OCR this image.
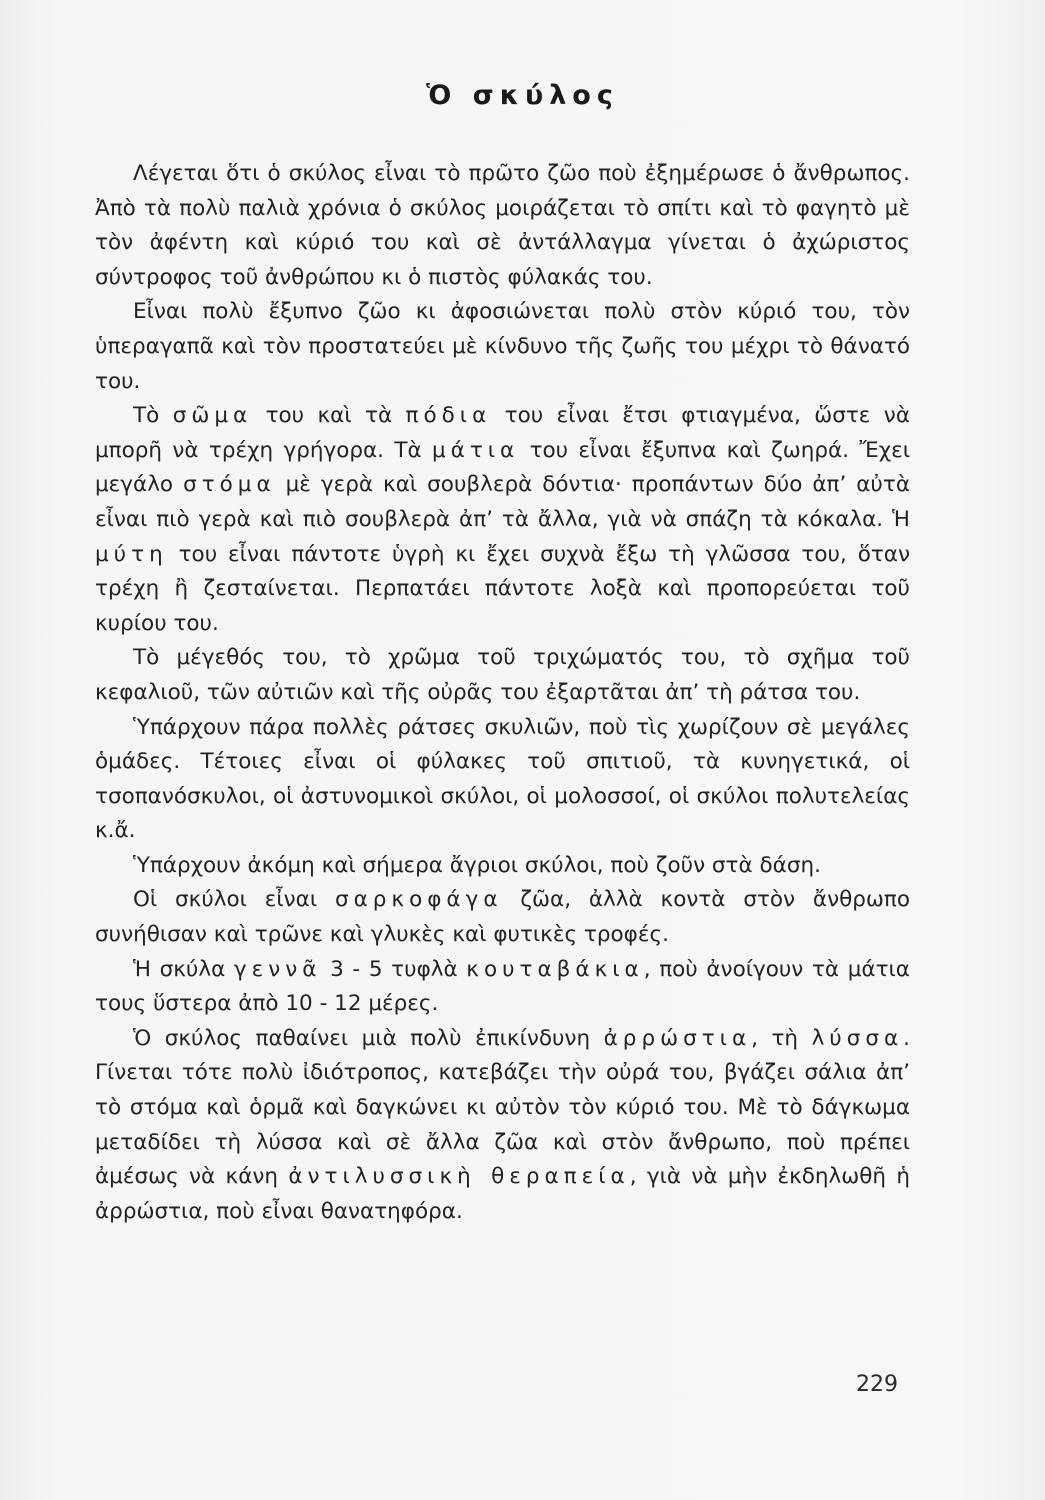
Ὁ σκύλος

Λέγεται ὅτι ὁ σκύλος εἶναι τὸ πρῶτο ζῶο ποὺ ἐξημέρωσε ὁ ἄνθρωπος. Ἀπὸ τὰ πολὺ παλιὰ χρόνια ὁ σκύλος μοιράζεται τὸ σπίτι καὶ τὸ φαγητὸ μὲ τὸν ἀφέντη καὶ κύριό του καὶ σὲ ἀντάλλαγμα γίνεται ὁ ἀχώριστος σύντροφος τοῦ ἀνθρώπου κι ὁ πιστὸς φύλακάς του.

Εἶναι πολὺ ἔξυπνο ζῶο κι ἀφοσιώνεται πολὺ στὸν κύριό του, τὸν ὑπεραγαπᾶ καὶ τὸν προστατεύει μὲ κίνδυνο τῆς ζωῆς του μέχρι τὸ θάνατό του.

Τὸ σῶμα του καὶ τὰ πόδια του εἶναι ἔτσι φτιαγμένα, ὥστε νὰ μπορῆ νὰ τρέχη γρήγορα. Τὰ μάτια του εἶναι ἔξυπνα καὶ ζωηρά. Ἔχει μεγάλο στόμα μὲ γερὰ καὶ σουβλερὰ δόντια· προπάντων δύο ἀπ’ αὐτὰ εἶναι πιὸ γερὰ καὶ πιὸ σουβλερὰ ἀπ’ τὰ ἄλλα, γιὰ νὰ σπάζη τὰ κόκαλα. Ἡ μύτη του εἶναι πάντοτε ὑγρὴ κι ἔχει συχνὰ ἔξω τὴ γλῶσσα του, ὅταν τρέχη ἢ ζεσταίνεται. Περπατάει πάντοτε λοξὰ καὶ προπορεύεται τοῦ κυρίου του.

Τὸ μέγεθός του, τὸ χρῶμα τοῦ τριχώματός του, τὸ σχῆμα τοῦ κεφαλιοῦ, τῶν αὐτιῶν καὶ τῆς οὐρᾶς του ἐξαρτᾶται ἀπ’ τὴ ράτσα του.

Ὑπάρχουν πάρα πολλὲς ράτσες σκυλιῶν, ποὺ τὶς χωρίζουν σὲ μεγάλες ὁμάδες. Τέτοιες εἶναι οἱ φύλακες τοῦ σπιτιοῦ, τὰ κυνηγετικά, οἱ τσοπανόσκυλοι, οἱ ἀστυνομικοὶ σκύλοι, οἱ μολοσσοί, οἱ σκύλοι πολυτελείας κ.ἄ.

Ὑπάρχουν ἀκόμη καὶ σήμερα ἄγριοι σκύλοι, ποὺ ζοῦν στὰ δάση.

Οἱ σκύλοι εἶναι σαρκοφάγα ζῶα, ἀλλὰ κοντὰ στὸν ἄνθρωπο συνήθισαν καὶ τρῶνε καὶ γλυκὲς καὶ φυτικὲς τροφές.

Ἡ σκύλα γεννᾶ 3 - 5 τυφλὰ κουταβάκια, ποὺ ἀνοίγουν τὰ μάτια τους ὕστερα ἀπὸ 10 - 12 μέρες.

Ὁ σκύλος παθαίνει μιὰ πολὺ ἐπικίνδυνη ἀρρώστια, τὴ λύσσα. Γίνεται τότε πολὺ ἰδιότροπος, κατεβάζει τὴν οὐρά του, βγάζει σάλια ἀπ’ τὸ στόμα καὶ ὁρμᾶ καὶ δαγκώνει κι αὐτὸν τὸν κύριό του. Μὲ τὸ δάγκωμα μεταδίδει τὴ λύσσα καὶ σὲ ἄλλα ζῶα καὶ στὸν ἄνθρωπο, ποὺ πρέπει ἀμέσως νὰ κάνη ἀντιλυσσικὴ θεραπεία, γιὰ νὰ μὴν ἐκδηλωθῆ ἡ ἀρρώστια, ποὺ εἶναι θανατηφόρα.

229
